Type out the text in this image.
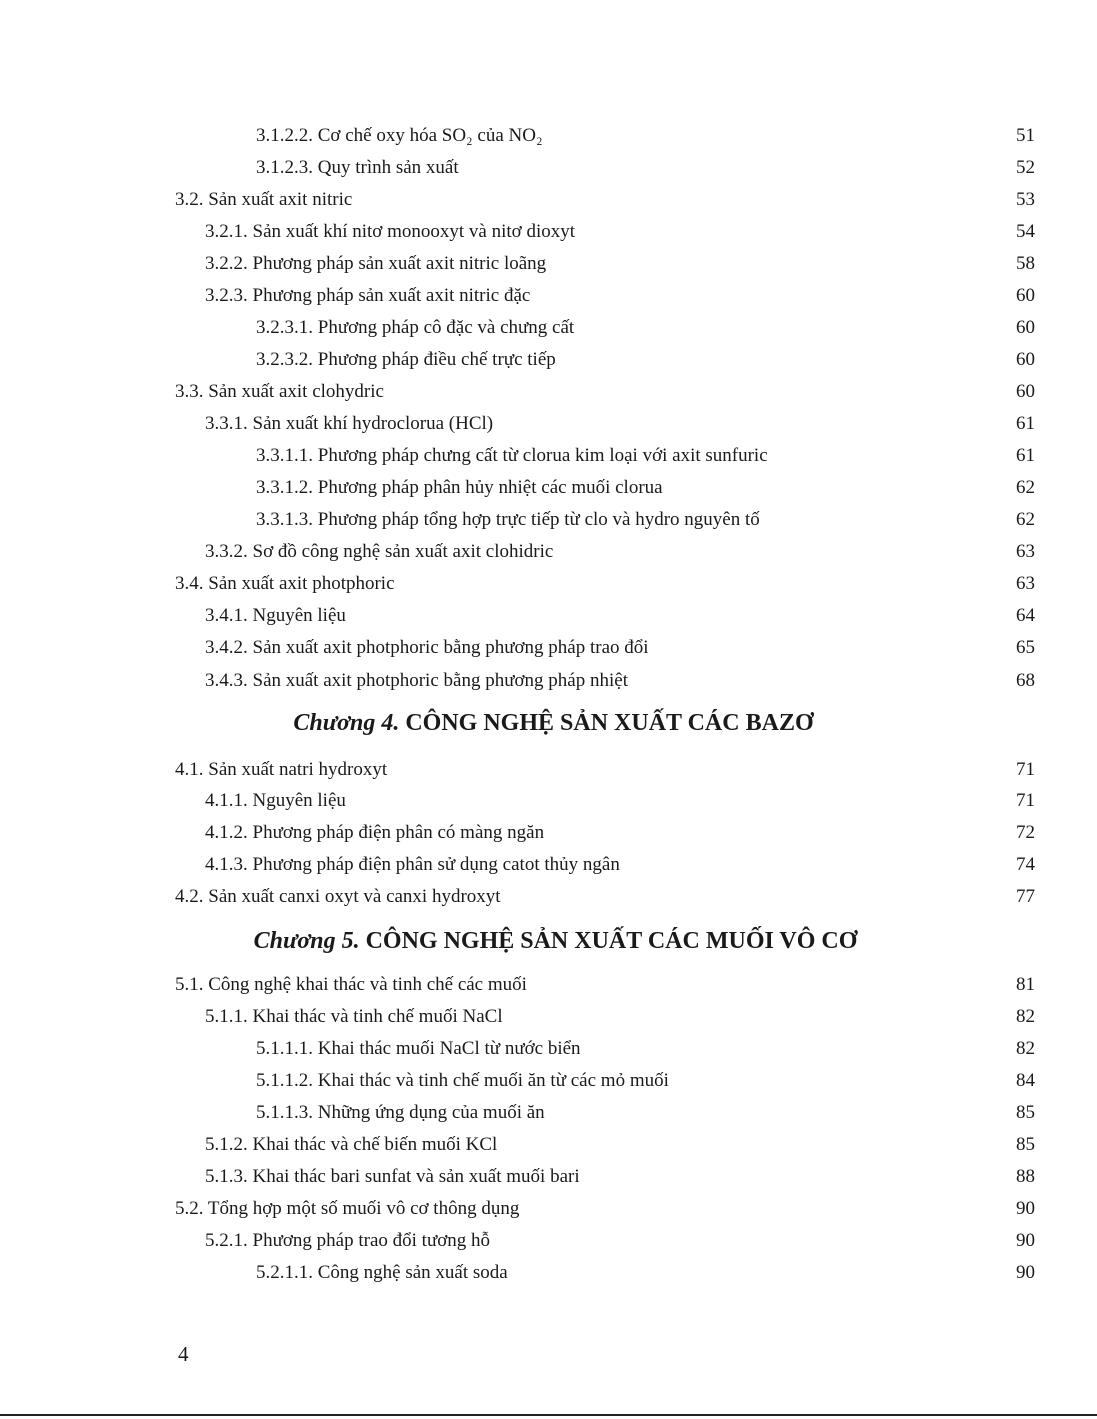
3.1.2.2. Cơ chế oxy hóa SO₂ của NO₂	51
3.1.2.3. Quy trình sản xuất	52
3.2. Sản xuất axit nitric	53
3.2.1. Sản xuất khí nitơ monooxyt và nitơ dioxyt	54
3.2.2. Phương pháp sản xuất axit nitric loãng	58
3.2.3. Phương pháp sản xuất axit nitric đặc	60
3.2.3.1. Phương pháp cô đặc và chưng cất	60
3.2.3.2. Phương pháp điều chế trực tiếp	60
3.3. Sản xuất axit clohydric	60
3.3.1. Sản xuất khí hydroclorua (HCl)	61
3.3.1.1. Phương pháp chưng cất từ clorua kim loại với axit sunfuric	61
3.3.1.2. Phương pháp phân hủy nhiệt các muối clorua	62
3.3.1.3. Phương pháp tổng hợp trực tiếp từ clo và hydro nguyên tố	62
3.3.2. Sơ đồ công nghệ sản xuất axit clohidric	63
3.4. Sản xuất axit photphoric	63
3.4.1. Nguyên liệu	64
3.4.2. Sản xuất axit photphoric bằng phương pháp trao đổi	65
3.4.3. Sản xuất axit photphoric bằng phương pháp nhiệt	68
Chương 4. CÔNG NGHỆ SẢN XUẤT CÁC BAZƠ
4.1. Sản xuất natri hydroxyt	71
4.1.1. Nguyên liệu	71
4.1.2. Phương pháp điện phân có màng ngăn	72
4.1.3. Phương pháp điện phân sử dụng catot thủy ngân	74
4.2. Sản xuất canxi oxyt và canxi hydroxyt	77
Chương 5. CÔNG NGHỆ SẢN XUẤT CÁC MUỐI VÔ CƠ
5.1. Công nghệ khai thác và tinh chế các muối	81
5.1.1. Khai thác và tinh chế muối NaCl	82
5.1.1.1. Khai thác muối NaCl từ nước biển	82
5.1.1.2. Khai thác và tinh chế muối ăn từ các mỏ muối	84
5.1.1.3. Những ứng dụng của muối ăn	85
5.1.2. Khai thác và chế biến muối KCl	85
5.1.3. Khai thác bari sunfat và sản xuất muối bari	88
5.2. Tổng hợp một số muối vô cơ thông dụng	90
5.2.1. Phương pháp trao đổi tương hỗ	90
5.2.1.1. Công nghệ sản xuất soda	90
4
